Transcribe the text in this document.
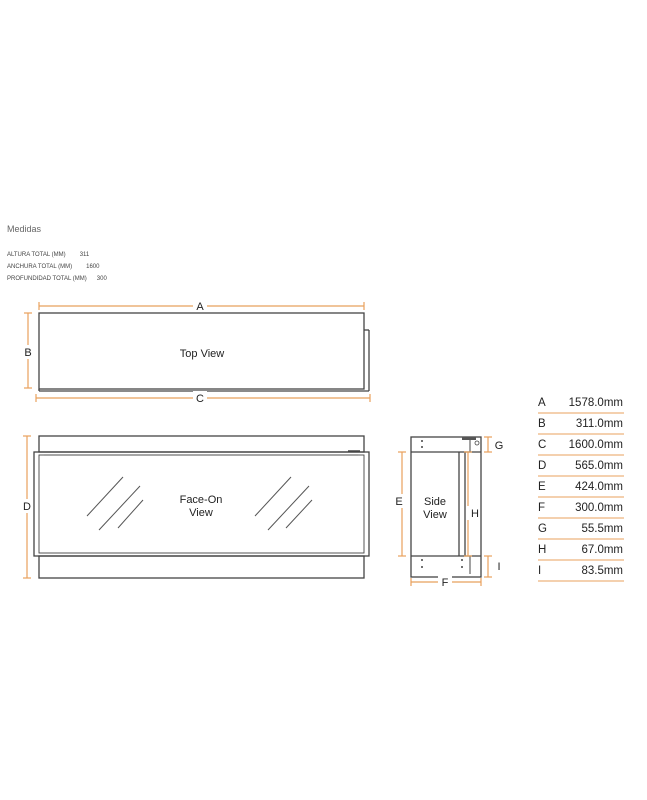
Medidas
ALTURA TOTAL (MM) 311
ANCHURA TOTAL (MM) 1600
PROFUNDIDAD TOTAL (MM) 300
A
B	Top View
C
D
Face-On
View
E Side
View
G
H
I
F
A 1578.0mm
B	311.0mm
C 1600.0mm
D	565.0mm
E	424.0mm
F	300.0mm
G	55.5mm
H	67.0mm
I	83.5mm
